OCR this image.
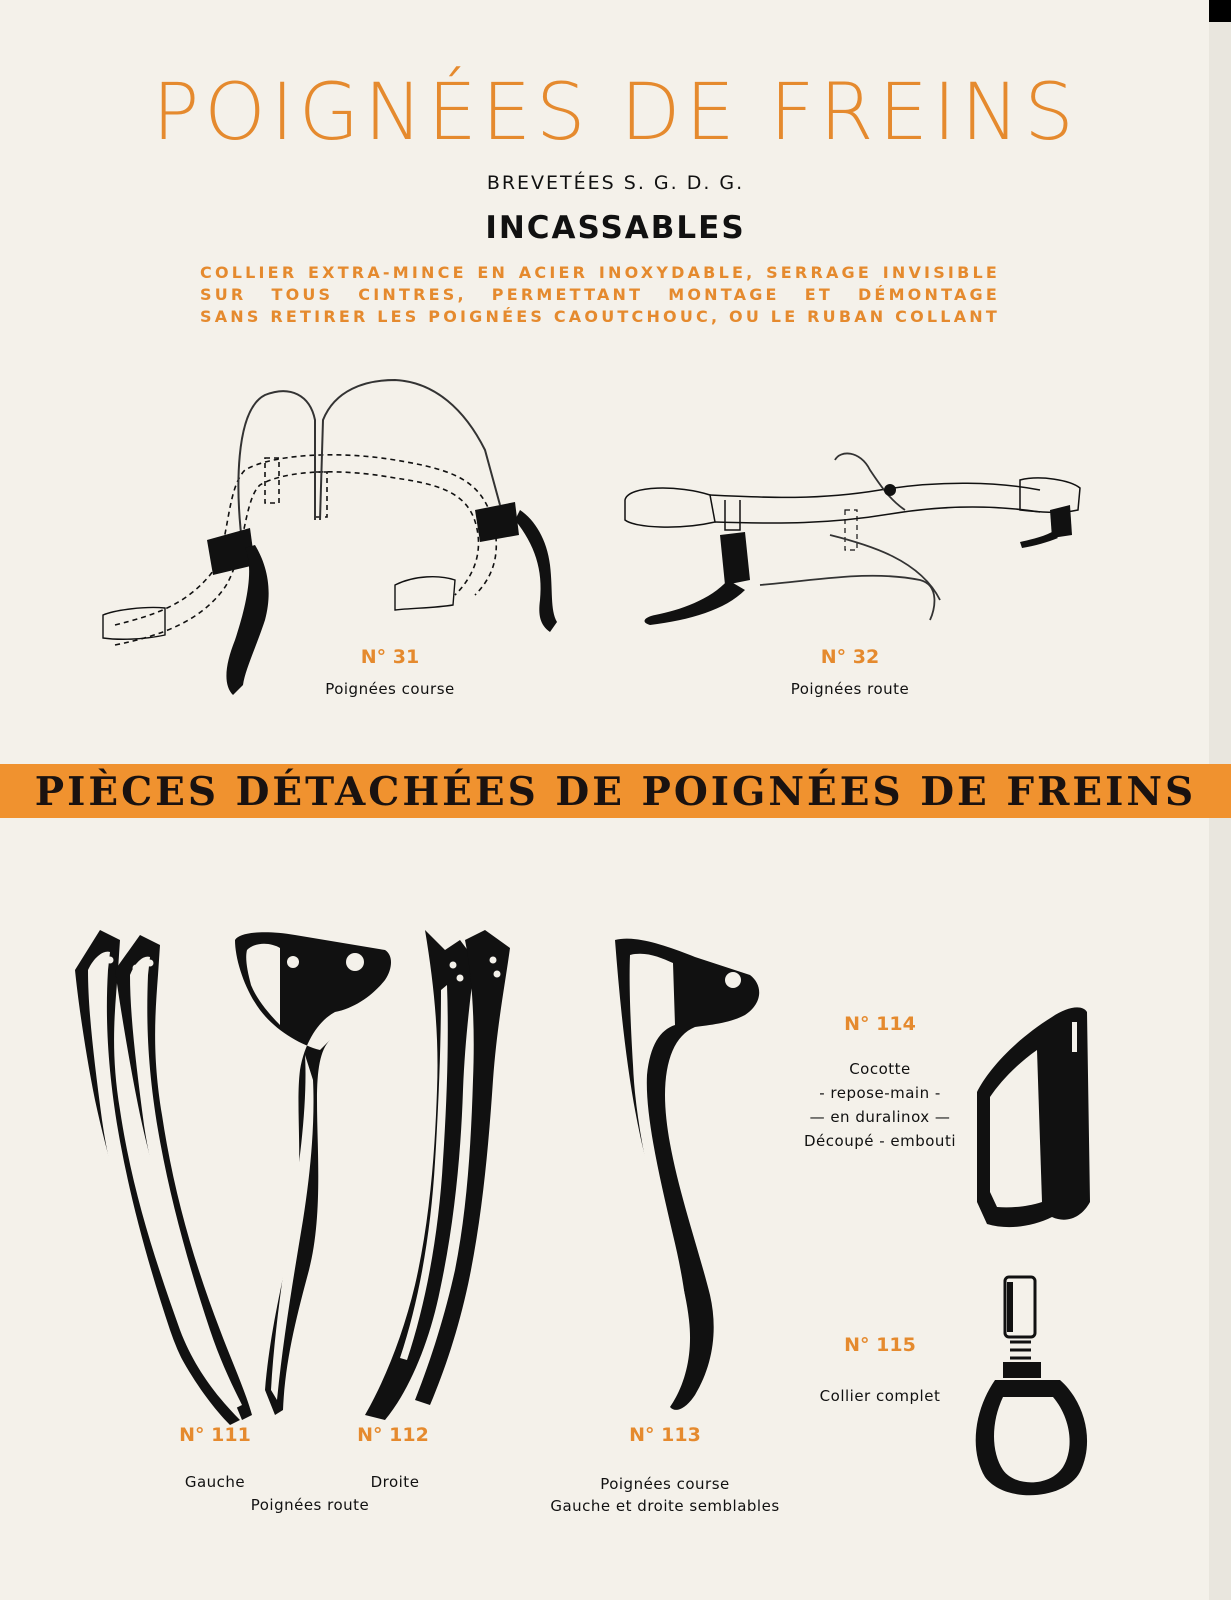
POIGNÉES DE FREINS
BREVETÉES S. G. D. G.
INCASSABLES
COLLIER EXTRA-MINCE EN ACIER INOXYDABLE, SERRAGE INVISIBLE
SUR TOUS CINTRES, PERMETTANT MONTAGE ET DÉMONTAGE
SANS RETIRER LES POIGNÉES CAOUTCHOUC, OU LE RUBAN COLLANT
N° 31
Poignées course
N° 32
Poignées route
PIÈCES DÉTACHÉES DE POIGNÉES DE FREINS
N° 111	N° 112
Gauche	Droite
Poignées route
N° 113
Poignées course
Gauche et droite semblables
N° 114
Cocotte
- repose-main -
— en duralinox —
Découpé - embouti
N° 115
Collier complet
